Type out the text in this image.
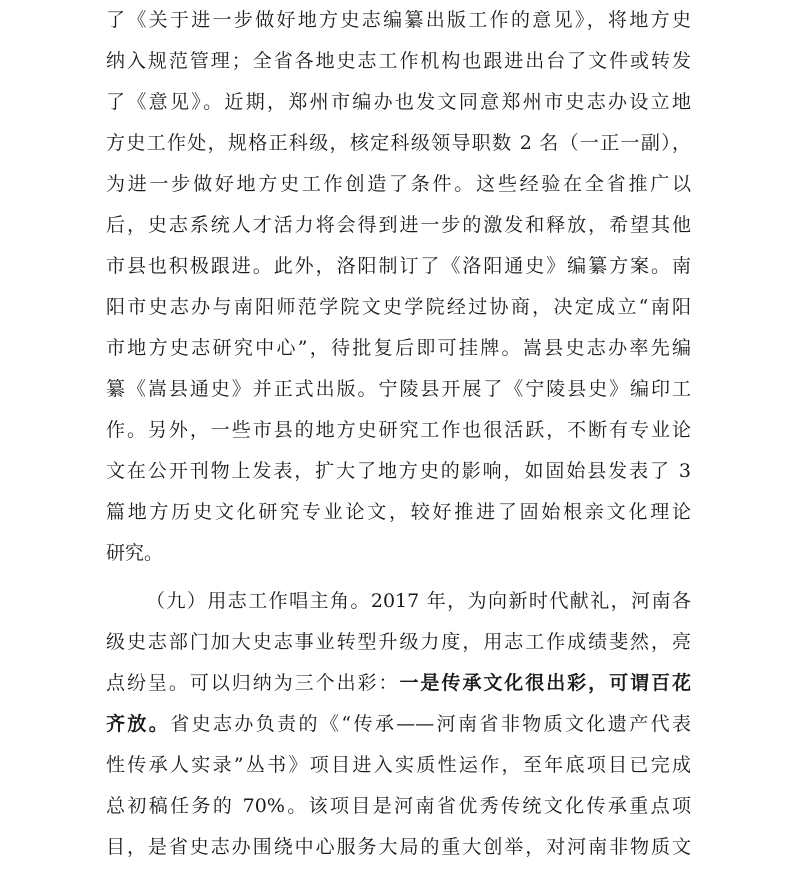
了《关于进一步做好地方史志编纂出版工作的意见》，将地方史
纳入规范管理；全省各地史志工作机构也跟进出台了文件或转发
了《意见》。近期，郑州市编办也发文同意郑州市史志办设立地
方史工作处，规格正科级，核定科级领导职数 2 名（一正一副），
为进一步做好地方史工作创造了条件。这些经验在全省推广以
后，史志系统人才活力将会得到进一步的激发和释放，希望其他
市县也积极跟进。此外，洛阳制订了《洛阳通史》编纂方案。南
阳市史志办与南阳师范学院文史学院经过协商，决定成立“南阳
市地方史志研究中心”，待批复后即可挂牌。嵩县史志办率先编
纂《嵩县通史》并正式出版。宁陵县开展了《宁陵县史》编印工
作。另外，一些市县的地方史研究工作也很活跃，不断有专业论
文在公开刊物上发表，扩大了地方史的影响，如固始县发表了 3
篇地方历史文化研究专业论文，较好推进了固始根亲文化理论
研究。
（九）用志工作唱主角。2017 年，为向新时代献礼，河南各
级史志部门加大史志事业转型升级力度，用志工作成绩斐然，亮
点纷呈。可以归纳为三个出彩：一是传承文化很出彩，可谓百花
齐放。省史志办负责的《“传承——河南省非物质文化遗产代表
性传承人实录”丛书》项目进入实质性运作，至年底项目已完成
总初稿任务的 70%。该项目是河南省优秀传统文化传承重点项
目，是省史志办围绕中心服务大局的重大创举，对河南非物质文
